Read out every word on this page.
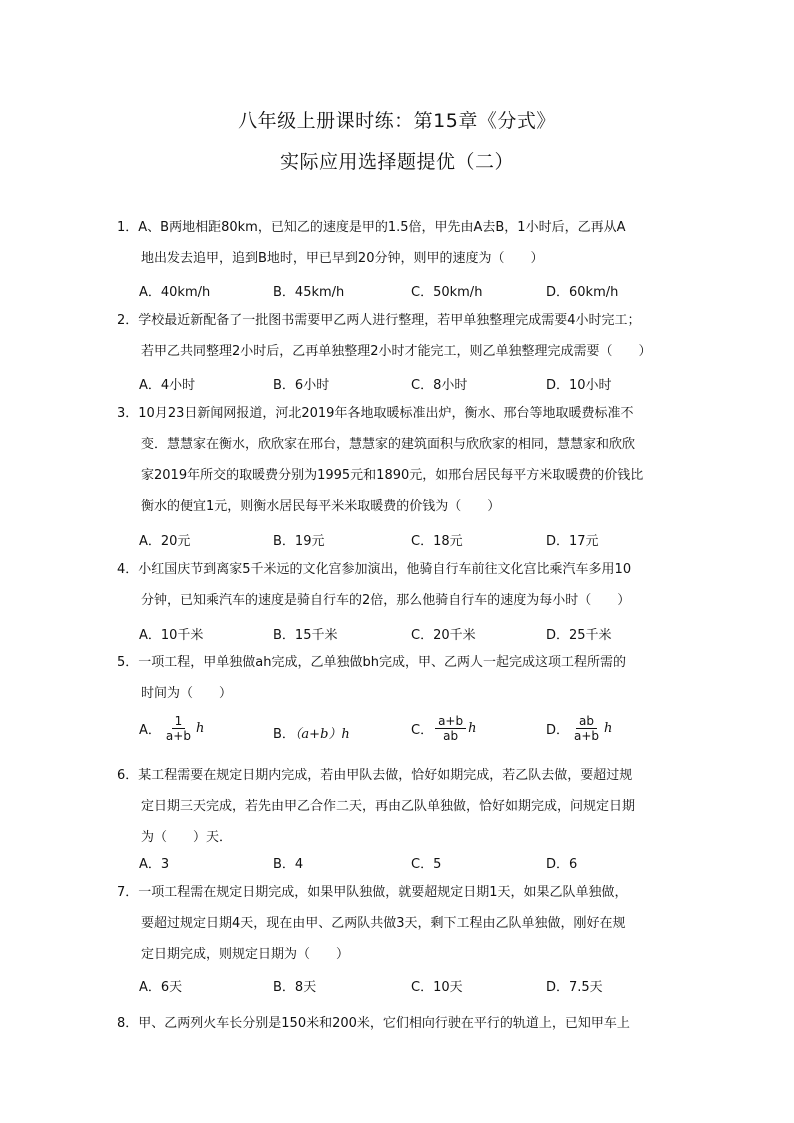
八年级上册课时练：第15章《分式》
实际应用选择题提优（二）
1．A、B两地相距80km，已知乙的速度是甲的1.5倍，甲先由A去B，1小时后，乙再从A
地出发去追甲，追到B地时，甲已早到20分钟，则甲的速度为（　　）
A．40km/h	B．45km/h	C．50km/h	D．60km/h
2．学校最近新配备了一批图书需要甲乙两人进行整理，若甲单独整理完成需要4小时完工；
若甲乙共同整理2小时后，乙再单独整理2小时才能完工，则乙单独整理完成需要（　　）
A．4小时	B．6小时	C．8小时	D．10小时
3．10月23日新闻网报道，河北2019年各地取暖标准出炉，衡水、邢台等地取暖费标准不
变．慧慧家在衡水，欣欣家在邢台，慧慧家的建筑面积与欣欣家的相同，慧慧家和欣欣
家2019年所交的取暖费分别为1995元和1890元，如邢台居民每平方米取暖费的价钱比
衡水的便宜1元，则衡水居民每平米米取暖费的价钱为（　　）
A．20元	B．19元	C．18元	D．17元
4．小红国庆节到离家5千米远的文化宫参加演出，他骑自行车前往文化宫比乘汽车多用10
分钟，已知乘汽车的速度是骑自行车的2倍，那么他骑自行车的速度为每小时（　　）
A．10千米	B．15千米	C．20千米	D．25千米
5．一项工程，甲单独做ah完成，乙单独做bh完成，甲、乙两人一起完成这项工程所需的
时间为（　　）
A． $\frac{1}{a+b}$ h	B．（a+b）h	C． $\frac{a+b}{ab}$ h	D． $\frac{ab}{a+b}$ h
6．某工程需要在规定日期内完成，若由甲队去做，恰好如期完成，若乙队去做，要超过规
定日期三天完成，若先由甲乙合作二天，再由乙队单独做，恰好如期完成，问规定日期
为（　　）天．
A．3	B．4	C．5	D．6
7．一项工程需在规定日期完成，如果甲队独做，就要超规定日期1天，如果乙队单独做，
要超过规定日期4天，现在由甲、乙两队共做3天，剩下工程由乙队单独做，刚好在规
定日期完成，则规定日期为（　　）
A．6天	B．8天	C．10天	D．7.5天
8．甲、乙两列火车长分别是150米和200米，它们相向行驶在平行的轨道上，已知甲车上
